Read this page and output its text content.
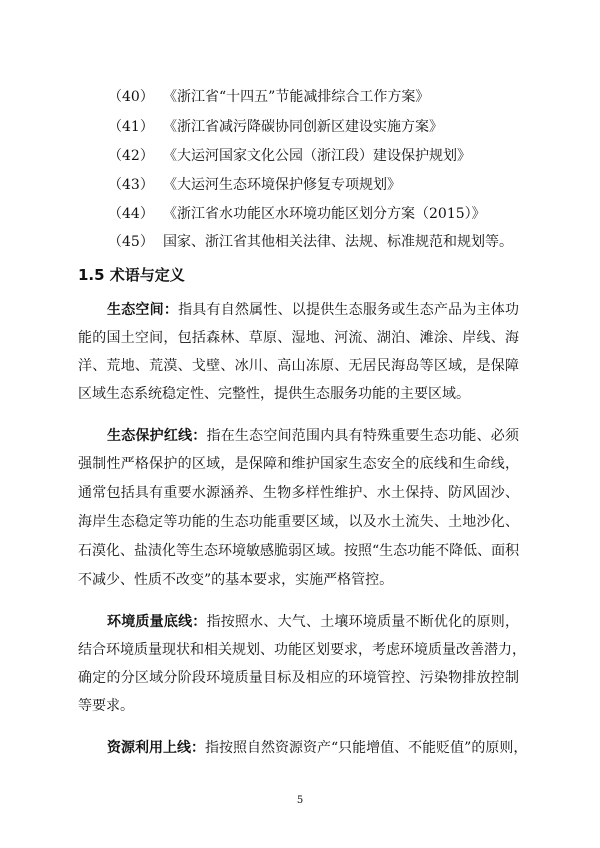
（40） 《浙江省“十四五”节能减排综合工作方案》
（41） 《浙江省减污降碳协同创新区建设实施方案》
（42） 《大运河国家文化公园（浙江段）建设保护规划》
（43） 《大运河生态环境保护修复专项规划》
（44） 《浙江省水功能区水环境功能区划分方案（2015）》
（45） 国家、浙江省其他相关法律、法规、标准规范和规划等。
1.5 术语与定义
生态空间：指具有自然属性、以提供生态服务或生态产品为主体功
能的国土空间，包括森林、草原、湿地、河流、湖泊、滩涂、岸线、海
洋、荒地、荒漠、戈壁、冰川、高山冻原、无居民海岛等区域，是保障
区域生态系统稳定性、完整性，提供生态服务功能的主要区域。
生态保护红线：指在生态空间范围内具有特殊重要生态功能、必须
强制性严格保护的区域，是保障和维护国家生态安全的底线和生命线，
通常包括具有重要水源涵养、生物多样性维护、水土保持、防风固沙、
海岸生态稳定等功能的生态功能重要区域，以及水土流失、土地沙化、
石漠化、盐渍化等生态环境敏感脆弱区域。按照“生态功能不降低、面积
不减少、性质不改变”的基本要求，实施严格管控。
环境质量底线：指按照水、大气、土壤环境质量不断优化的原则，
结合环境质量现状和相关规划、功能区划要求，考虑环境质量改善潜力，
确定的分区域分阶段环境质量目标及相应的环境管控、污染物排放控制
等要求。
资源利用上线：指按照自然资源资产“只能增值、不能贬值”的原则，
5
